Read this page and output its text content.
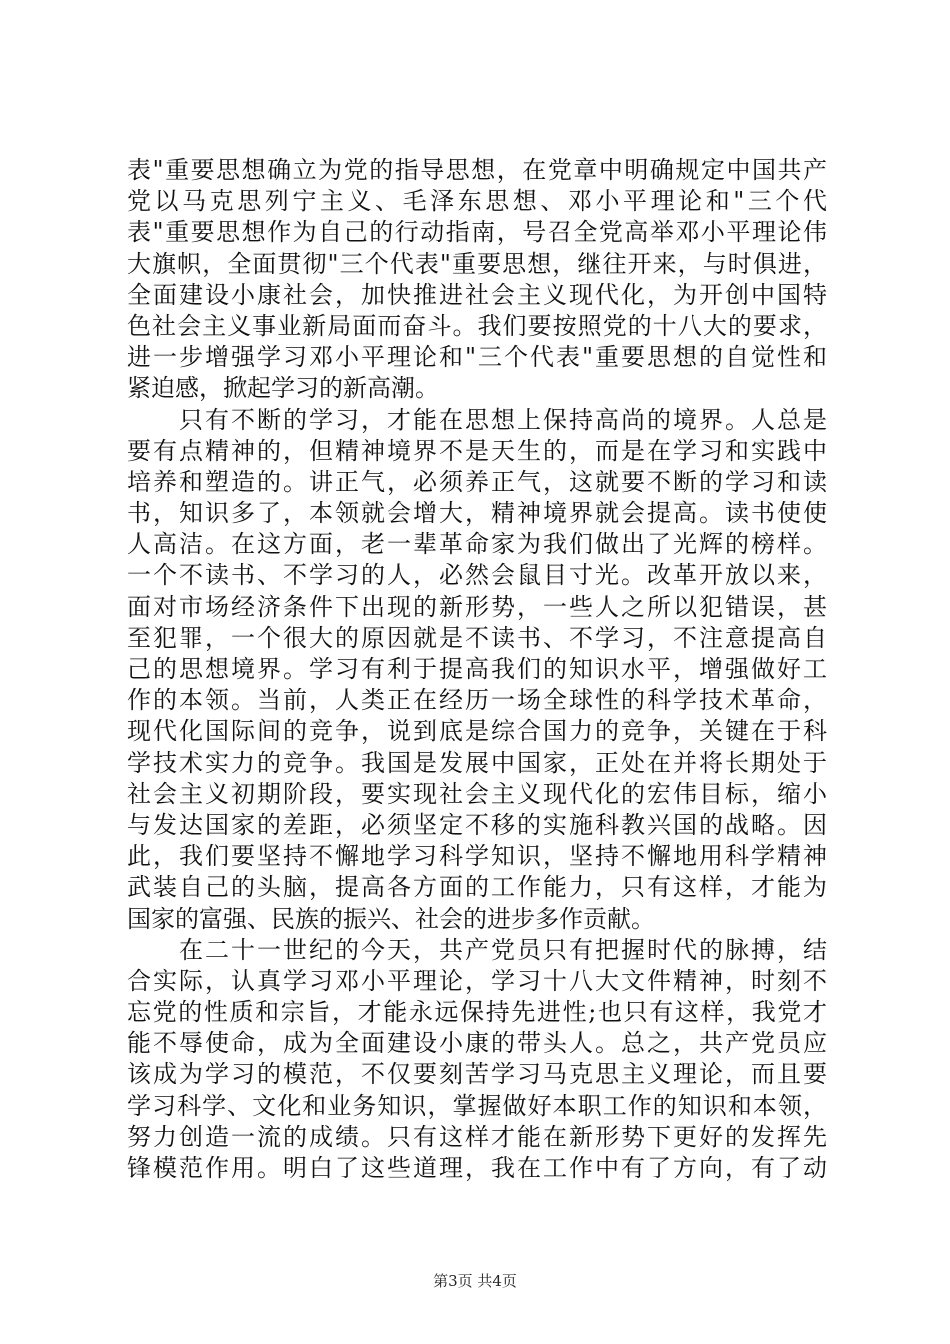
表"重要思想确立为党的指导思想，在党章中明确规定中国共产
党以马克思列宁主义、毛泽东思想、邓小平理论和"三个代
表"重要思想作为自己的行动指南，号召全党高举邓小平理论伟
大旗帜，全面贯彻"三个代表"重要思想，继往开来，与时俱进，
全面建设小康社会，加快推进社会主义现代化，为开创中国特
色社会主义事业新局面而奋斗。我们要按照党的十八大的要求，
进一步增强学习邓小平理论和"三个代表"重要思想的自觉性和
紧迫感，掀起学习的新高潮。
　　只有不断的学习，才能在思想上保持高尚的境界。人总是
要有点精神的，但精神境界不是天生的，而是在学习和实践中
培养和塑造的。讲正气，必须养正气，这就要不断的学习和读
书，知识多了，本领就会增大，精神境界就会提高。读书使使
人高洁。在这方面，老一辈革命家为我们做出了光辉的榜样。
一个不读书、不学习的人，必然会鼠目寸光。改革开放以来，
面对市场经济条件下出现的新形势，一些人之所以犯错误，甚
至犯罪，一个很大的原因就是不读书、不学习，不注意提高自
己的思想境界。学习有利于提高我们的知识水平，增强做好工
作的本领。当前，人类正在经历一场全球性的科学技术革命，
现代化国际间的竞争，说到底是综合国力的竞争，关键在于科
学技术实力的竞争。我国是发展中国家，正处在并将长期处于
社会主义初期阶段，要实现社会主义现代化的宏伟目标，缩小
与发达国家的差距，必须坚定不移的实施科教兴国的战略。因
此，我们要坚持不懈地学习科学知识，坚持不懈地用科学精神
武装自己的头脑，提高各方面的工作能力，只有这样，才能为
国家的富强、民族的振兴、社会的进步多作贡献。
　　在二十一世纪的今天，共产党员只有把握时代的脉搏，结
合实际，认真学习邓小平理论，学习十八大文件精神，时刻不
忘党的性质和宗旨，才能永远保持先进性;也只有这样，我党才
能不辱使命，成为全面建设小康的带头人。总之，共产党员应
该成为学习的模范，不仅要刻苦学习马克思主义理论，而且要
学习科学、文化和业务知识，掌握做好本职工作的知识和本领，
努力创造一流的成绩。只有这样才能在新形势下更好的发挥先
锋模范作用。明白了这些道理，我在工作中有了方向，有了动
第3页 共4页
